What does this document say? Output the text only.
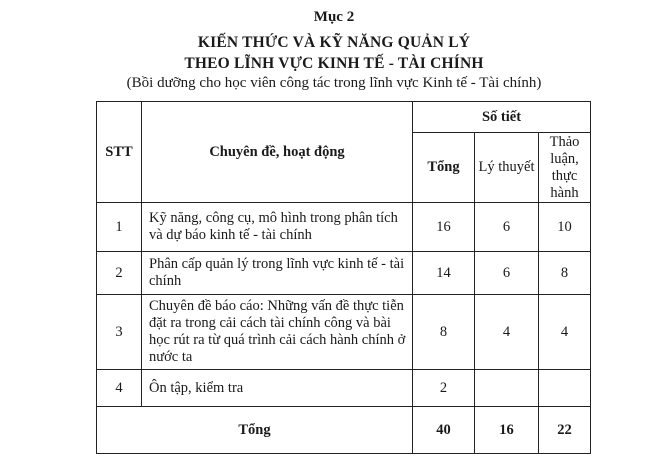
Mục 2
KIẾN THỨC VÀ KỸ NĂNG QUẢN LÝ
THEO LĨNH VỰC KINH TẾ - TÀI CHÍNH
(Bồi dưỡng cho học viên công tác trong lĩnh vực Kinh tế - Tài chính)
STT	Chuyên đề, hoạt động	Số tiết		
		Tổng	Lý thuyết	Thảo luận, thực hành
1	Kỹ năng, công cụ, mô hình trong phân tích và dự báo kinh tế - tài chính	16	6	10
2	Phân cấp quản lý trong lĩnh vực kinh tế - tài chính	14	6	8
3	Chuyên đề báo cáo: Những vấn đề thực tiễn đặt ra trong cải cách tài chính công và bài học rút ra từ quá trình cải cách hành chính ở nước ta	8	4	4
4	Ôn tập, kiểm tra	2		
Tổng		40	16	22
